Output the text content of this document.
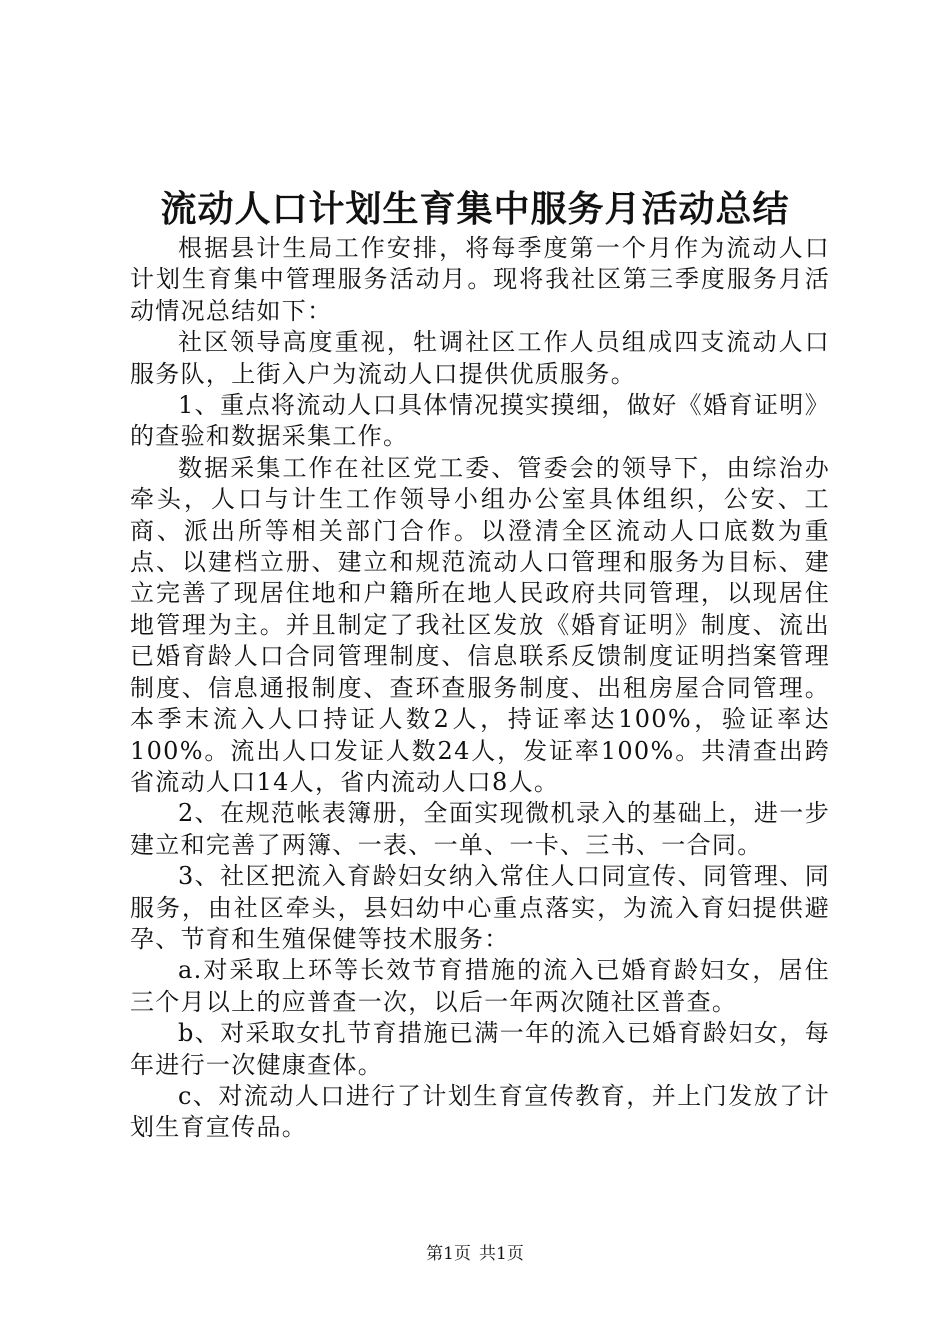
流动人口计划生育集中服务月活动总结

根据县计生局工作安排，将每季度第一个月作为流动人口计划生育集中管理服务活动月。现将我社区第三季度服务月活动情况总结如下：

社区领导高度重视，牡调社区工作人员组成四支流动人口服务队，上街入户为流动人口提供优质服务。

1、重点将流动人口具体情况摸实摸细，做好《婚育证明》的查验和数据采集工作。

数据采集工作在社区党工委、管委会的领导下，由综治办牵头，人口与计生工作领导小组办公室具体组织，公安、工商、派出所等相关部门合作。以澄清全区流动人口底数为重点、以建档立册、建立和规范流动人口管理和服务为目标、建立完善了现居住地和户籍所在地人民政府共同管理，以现居住地管理为主。并且制定了我社区发放《婚育证明》制度、流出已婚育龄人口合同管理制度、信息联系反馈制度证明挡案管理制度、信息通报制度、查环查服务制度、出租房屋合同管理。本季末流入人口持证人数2人，持证率达100%，验证率达100%。流出人口发证人数24人，发证率100%。共清查出跨省流动人口14人，省内流动人口8人。

2、在规范帐表簿册，全面实现微机录入的基础上，进一步建立和完善了两簿、一表、一单、一卡、三书、一合同。

3、社区把流入育龄妇女纳入常住人口同宣传、同管理、同服务，由社区牵头，县妇幼中心重点落实，为流入育妇提供避孕、节育和生殖保健等技术服务：

a.对采取上环等长效节育措施的流入已婚育龄妇女，居住三个月以上的应普查一次，以后一年两次随社区普查。

b、对采取女扎节育措施已满一年的流入已婚育龄妇女，每年进行一次健康查体。

c、对流动人口进行了计划生育宣传教育，并上门发放了计划生育宣传品。

第1页 共1页
